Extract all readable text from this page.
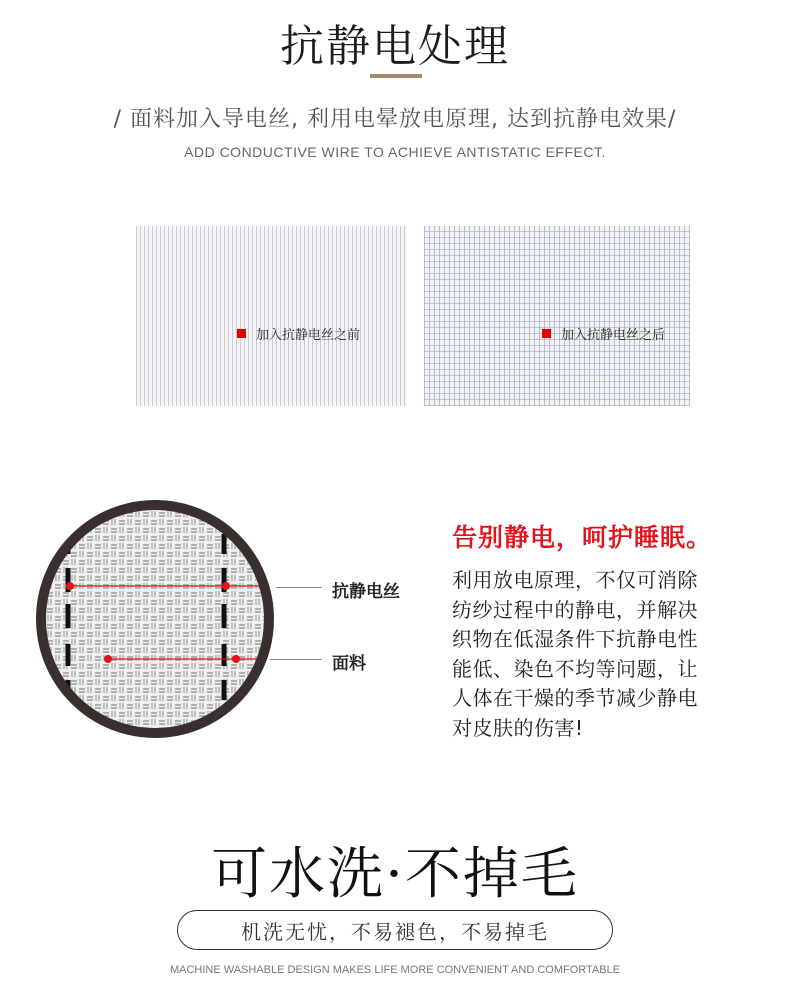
抗静电处理
/ 面料加入导电丝, 利用电晕放电原理, 达到抗静电效果/
ADD CONDUCTIVE WIRE TO ACHIEVE ANTISTATIC EFFECT.
加入抗静电丝之前	加入抗静电丝之后
抗静电丝
面料
告别静电，呵护睡眠。
利用放电原理，不仅可消除
纺纱过程中的静电，并解决
织物在低湿条件下抗静电性
能低、染色不均等问题，让
人体在干燥的季节减少静电
对皮肤的伤害!
可水洗·不掉毛
机洗无忧，不易褪色，不易掉毛
MACHINE WASHABLE DESIGN MAKES LIFE MORE CONVENIENT AND COMFORTABLE
